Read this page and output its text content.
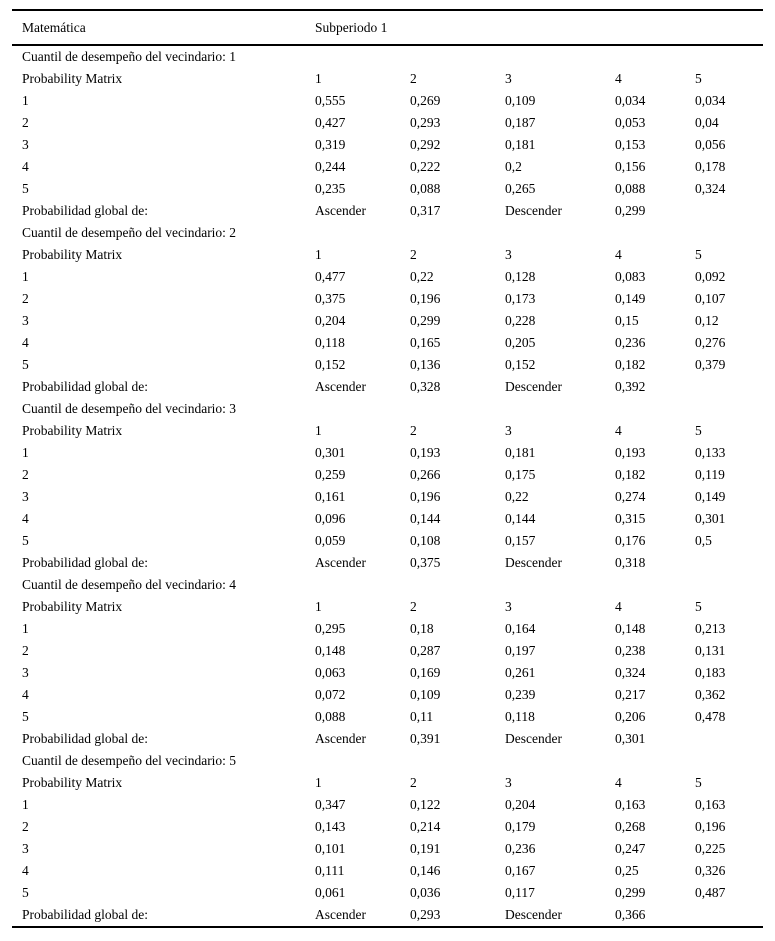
Matemática	Subperiodo 1				
Cuantil de desempeño del vecindario: 1					
Probability Matrix	1	2	3	4	5
1	0,555	0,269	0,109	0,034	0,034
2	0,427	0,293	0,187	0,053	0,04
3	0,319	0,292	0,181	0,153	0,056
4	0,244	0,222	0,2	0,156	0,178
5	0,235	0,088	0,265	0,088	0,324
Probabilidad global de:	Ascender	0,317	Descender	0,299	
Cuantil de desempeño del vecindario: 2					
Probability Matrix	1	2	3	4	5
1	0,477	0,22	0,128	0,083	0,092
2	0,375	0,196	0,173	0,149	0,107
3	0,204	0,299	0,228	0,15	0,12
4	0,118	0,165	0,205	0,236	0,276
5	0,152	0,136	0,152	0,182	0,379
Probabilidad global de:	Ascender	0,328	Descender	0,392	
Cuantil de desempeño del vecindario: 3					
Probability Matrix	1	2	3	4	5
1	0,301	0,193	0,181	0,193	0,133
2	0,259	0,266	0,175	0,182	0,119
3	0,161	0,196	0,22	0,274	0,149
4	0,096	0,144	0,144	0,315	0,301
5	0,059	0,108	0,157	0,176	0,5
Probabilidad global de:	Ascender	0,375	Descender	0,318	
Cuantil de desempeño del vecindario: 4					
Probability Matrix	1	2	3	4	5
1	0,295	0,18	0,164	0,148	0,213
2	0,148	0,287	0,197	0,238	0,131
3	0,063	0,169	0,261	0,324	0,183
4	0,072	0,109	0,239	0,217	0,362
5	0,088	0,11	0,118	0,206	0,478
Probabilidad global de:	Ascender	0,391	Descender	0,301	
Cuantil de desempeño del vecindario: 5					
Probability Matrix	1	2	3	4	5
1	0,347	0,122	0,204	0,163	0,163
2	0,143	0,214	0,179	0,268	0,196
3	0,101	0,191	0,236	0,247	0,225
4	0,111	0,146	0,167	0,25	0,326
5	0,061	0,036	0,117	0,299	0,487
Probabilidad global de:	Ascender	0,293	Descender	0,366	
